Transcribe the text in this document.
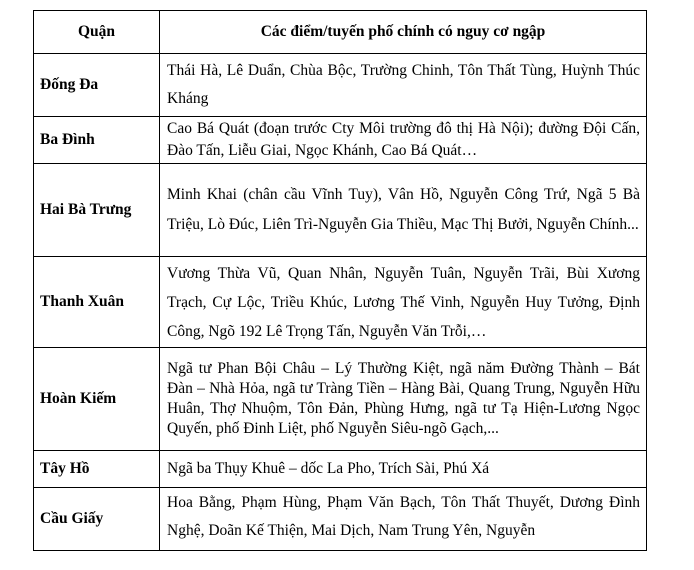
Quận	Các điểm/tuyến phố chính có nguy cơ ngập
Đống Đa	Thái Hà, Lê Duẩn, Chùa Bộc, Trường Chinh, Tôn Thất Tùng, Huỳnh Thúc Kháng
Ba Đình	Cao Bá Quát (đoạn trước Cty Môi trường đô thị Hà Nội); đường Đội Cấn, Đào Tấn, Liễu Giai, Ngọc Khánh, Cao Bá Quát…
Hai Bà Trưng	Minh Khai (chân cầu Vĩnh Tuy), Vân Hồ, Nguyễn Công Trứ, Ngã 5 Bà Triệu, Lò Đúc, Liên Trì-Nguyễn Gia Thiều, Mạc Thị Bưởi, Nguyễn Chính...
Thanh Xuân	Vương Thừa Vũ, Quan Nhân, Nguyễn Tuân, Nguyễn Trãi, Bùi Xương Trạch, Cự Lộc, Triều Khúc, Lương Thế Vinh, Nguyễn Huy Tưởng, Định Công, Ngõ 192 Lê Trọng Tấn, Nguyễn Văn Trỗi,…
Hoàn Kiếm	Ngã tư Phan Bội Châu – Lý Thường Kiệt, ngã năm Đường Thành – Bát Đàn – Nhà Hỏa, ngã tư Tràng Tiền – Hàng Bài, Quang Trung, Nguyễn Hữu Huân, Thợ Nhuộm, Tôn Đản, Phùng Hưng, ngã tư Tạ Hiện-Lương Ngọc Quyến, phố Đinh Liệt, phố Nguyễn Siêu-ngõ Gạch,...
Tây Hồ	Ngã ba Thụy Khuê – dốc La Pho, Trích Sài, Phú Xá
Cầu Giấy	Hoa Bằng, Phạm Hùng, Phạm Văn Bạch, Tôn Thất Thuyết, Dương Đình Nghệ, Doãn Kế Thiện, Mai Dịch, Nam Trung Yên, Nguyễn
